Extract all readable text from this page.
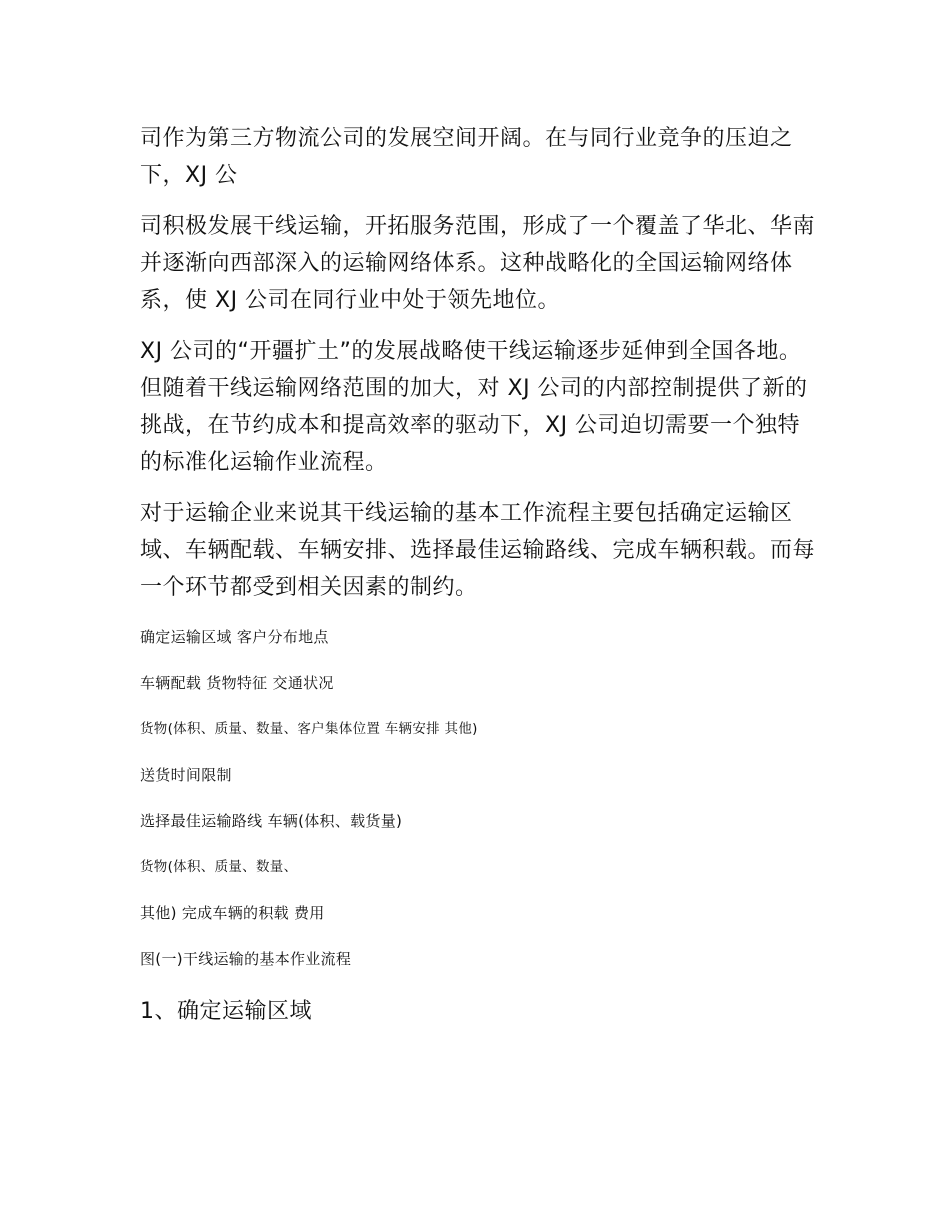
司作为第三方物流公司的发展空间开阔。在与同行业竞争的压迫之下，XJ 公

司积极发展干线运输，开拓服务范围，形成了一个覆盖了华北、华南并逐渐向西部深入的运输网络体系。这种战略化的全国运输网络体系，使 XJ 公司在同行业中处于领先地位。

XJ 公司的“开疆扩土”的发展战略使干线运输逐步延伸到全国各地。但随着干线运输网络范围的加大，对 XJ 公司的内部控制提供了新的挑战，在节约成本和提高效率的驱动下，XJ 公司迫切需要一个独特的标准化运输作业流程。

对于运输企业来说其干线运输的基本工作流程主要包括确定运输区域、车辆配载、车辆安排、选择最佳运输路线、完成车辆积载。而每一个环节都受到相关因素的制约。

确定运输区域 客户分布地点

车辆配载 货物特征 交通状况

货物(体积、质量、数量、客户集体位置 车辆安排 其他)

送货时间限制

选择最佳运输路线 车辆(体积、载货量)

货物(体积、质量、数量、

其他) 完成车辆的积载 费用

图(一)干线运输的基本作业流程

1、确定运输区域
